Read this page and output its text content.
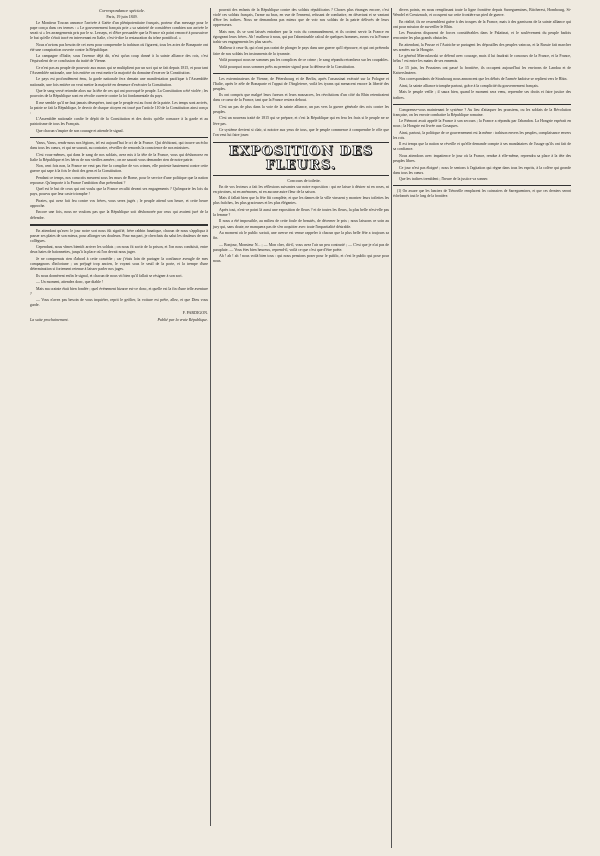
Correspondance spéciale.

Paris, 19 juin 1849.

Le Moniteur Toscan annonce l'arrivée à Gaëte d'un plénipotentiaire français, porteur d'un message pour le pape conçu dans ces termes : « Le gouvernement français prie « sa sainteté de considérer combien son arrivée le serait si « les arrangements pris par le sr. Lesseps, et d'être persuadée que la France n'a point renoncé à poursuivre le but qu'elle s'était tracé en intervenant en Italie, c'est-à-dire la restauration du trône pontifical. »

Nous n'avions pas besoin de cet aveu pour comprendre la trahison où figurent, tous les actes de Bonaparte ont été une conspiration ouverte contre la République.

La campagne d'Italie, sous l'avenue déjà dit, n'est qu'un coup donné à la sainte alliance des rois, c'est l'équivalent de ce conclusion du traité de Vienne.

Ce n'est pas au peuple de pourvoir aux maux qui se multiplient par un sort qui se fait depuis 1815, et pour tant l'Assemblée nationale, une fois entière on veut mettre la majorité du domaine d'exercer la Constitution.

Le pays est profondément ému, la garde nationale fera demain une manifestation pacifique à l'Assemblée nationale, une fois entière on veut mettre la majorité en demeure d'exécuter la Constitution.

Que le sang versé retombe alors sur la tête de ces qui ont provoqué le peuple. La Constitution a été violée ; les pouvoirs de la République sont en révolte ouverte contre la loi fondamentale du pays.

Il me semble qu'il ne faut jamais désespérer, tant que le peuple est au front de la patrie. Les temps sont arrivés, la patrie se fait la République, le devoir de chaque citoyen est tracé par l'article 110 de la Constitution ainsi conçu :

L'Assemblée nationale confie le dépôt de la Constitution et des droits qu'elle consacre à la garde et au patriotisme de tous les Français.

Que chacun s'inspire de son courage et attende le signal.

Varus, Varus, rends-nous nos légions, tel est aujourd'hui le cri de la France. Qui déchirant, qui trouve un écho dans tous les cœurs, et qui ne saurait, au contraire, réveiller de remords la conscience de nos ministres.

C'est vous-mêmes, qui dans le sang de nos soldats, avez mis à la tête de la France, vous qui déshonorez en Italie la République et les héros de nos vieilles armées ; on ne saurait vous demander rien de notre patrie.

Non, cent fois non, la France ne veut pas être la complice de vos crimes, elle proteste hautement contre cette guerre qui sape à la fois le droit des gens et la Constitution.

Pendant ce temps, nos conscrits meurent sous les murs de Rome, pour le service d'une politique que la nation repousse. Qu'importe à la France l'ambition d'un prétendant ?

Quel est le but de ceux qui ont voulu que la France reculât devant ses engagements ? Qu'importe les lois du pays, pourvu que leur caste triomphe !

Pirates, qui avez fait feu contre vos frères, vous serez jugés ; le peuple attend son heure, et cette heure approche.

Encore une fois, nous ne voulons pas que la République soit déshonorée par ceux qui avaient juré de la défendre.

En attendant qu'avec le jour notre sort nous fût signifié, frère rabbin fanatique, chacun de nous s'appliqua à passer ses plaies de son mieux, pour allonger ses douleurs. Pour ma part, je cherchais du salut les douleurs de mes collègues.

Cependant, nous vîmes bientôt arriver les soldats ; on nous fit sortir de la prison, et l'on nous conduisit, entre deux haies de baïonnettes, jusqu'à la place où l'on devait nous juger.

Je ne comprenais rien d'abord à cette comédie ; car j'étais loin de partager la confiance aveugle de mes compagnons d'infortune ; un préjugé trop ancien, le voyant sous le seuil de la porte, et la trempe d'une détermination si fortement retenue à laisser parler nos juges.

Ils nous donnèrent enfin le signal, et chacun de nous vit bien qu'il fallait se résigner à son sort.

— Un moment, attendez donc, que diable !

Mais ma crainte était bien fondée ; quel événement bizarre est-ce donc, et quelle est la fin d'une telle aventure ?

— Vous n'avez pas besoin de vous inquiéter, reprit le geôlier, la voiture est prête, allez, et que Dieu vous garde.

F. PARDIGON.

La suite prochainement.	Publié par la vraie République.

pouvait des enfants de la République contre des soldats républicains ? Choses plus étranges encore, c'est violé ces soldats français, l'arme au bras, en vue de l'ennemi, refusant de combattre, en désertant et se vantant d'être les traîtres. Nous ne demandons pas mieux que de voir nos soldats de la patrie délivrés de leurs oppresseurs.

Mais non, ils se sont laissés entraîner par la voix du commandement, et ils croient servir la France en égorgeant leurs frères. Ah ! malheur à nous, qui par l'abominable calcul de quelques hommes, avons vu la France trahir ses engagements les plus sacrés.

Malheur à ceux-là, qui n'ont pas craint de plonger le pays dans une guerre qu'il réprouve, et qui ont prétendu faire de nos soldats les instruments de la tyrannie.

Voilà pourquoi nous ne sommes pas les complices de ce crime ; le sang répandu retombera sur les coupables.

Voilà pourquoi nous sommes prêts au premier signal pour la défense de la Constitution.

Les exterminateurs de Vienne, de Pétersbourg et de Berlin, après l'assassinat exécuté sur la Pologne et l'Italie, après le zèle de Bonaparte et l'appui de l'Angleterre, voilà les tyrans qui menacent encore la liberté des peuples.

Ils ont compris que malgré leurs fureurs et leurs massacres, les révolutions d'un côté du Rhin retentiraient dans ce cœur de la France, tant que la France restera debout.

C'est un pas de plus dans la voie de la sainte alliance, un pas vers la guerre générale des rois contre les peuples.

C'est un nouveau traité de 1815 qui se prépare, et c'est la République qui en fera les frais si le peuple ne se lève pas.

Ce système devient si clair, si notoire aux yeux de tous, que le peuple commence à comprendre le rôle que l'on veut lui faire jouer.

EXPOSITION DES FLEURS.

Concours de toilette.

En de vos lecteurs a fait les réflexions suivantes sur notre exposition : qui ne laisse à désirer ni en roses, ni en pivoines, ni en anémones, ni en aucune autre fleur de la saison.

Mais il fallait bien que la fête fût complète, et que les dames de la ville vinssent y montrer leurs toilettes les plus fraîches, les plus gracieuses et les plus élégantes.

Après tout, n'est-ce point là aussi une exposition de fleurs ? et de toutes les fleurs, la plus belle n'est-elle pas la femme ?

Il nous a été impossible, au milieu de cette foule de beautés, de décerner le prix ; nous laissons ce soin au jury qui, sans doute, ne manquera pas de s'en acquitter avec toute l'impartialité désirable.

Au moment où le public sortait, une averse est venue rappeler à chacun que la plus belle fête a toujours sa fin.

— Bonjour, Monsieur N... ; — Mon cher, dit-il, vous avez l'air un peu contrarié ; — C'est que je n'ai pas de parapluie. — Vous êtes bien heureux, reprend-il, voilà ce que c'est que d'être poète.

Ah ! ah ! ah ! nous voilà bien tous : qui nous pensions poser pour le public, et c'est le public qui pose pour nous.

divers points, en nous remplissant toute la ligne frontière depuis Sarreguemines, Bitcherest, Hombourg, St-Wendel et Creutznach, et occupent sur cette frontière un pied de guerre.

En réalité, ils ne ressemblent guère à des troupes de la France, mais à des garnisons de la sainte alliance qui ont pour mission de surveiller le Rhin.

Les Prussiens disposent de forces considérables dans le Palatinat, et le soulèvement du peuple badois rencontre les plus grands obstacles.

En attendant, la Prusse et l'Autriche se partagent les dépouilles des peuples vaincus, et la Russie fait marcher ses armées sur la Hongrie.

Le général Mieroslawski se défend avec courage, mais il lui faudrait le concours de la France, et la France, hélas ! est entre les mains de ses ennemis.

Le 15 juin, les Prussiens ont passé la frontière, ils occupent aujourd'hui les environs de Landau et de Kaiserslautern.

Nos correspondants de Strasbourg nous annoncent que les débris de l'armée badoise se replient vers le Rhin.

Ainsi, la sainte alliance triomphe partout, grâce à la complicité du gouvernement français.

Mais le peuple veille ; il saura bien, quand le moment sera venu, reprendre ses droits et faire justice des traîtres.

Comprenez-vous maintenant le système ? Au lieu d'attaquer les prussiens, ou les soldats de la Révolution française, on les envoie combattre la République romaine.

Le Piémont avait appelé la France à son secours ; la France a répondu par l'abandon. La Hongrie espérait en nous ; la Hongrie est livrée aux Cosaques.

Ainsi, partout, la politique de ce gouvernement est la même : trahison envers les peuples, complaisance envers les rois.

Il est temps que la nation se réveille et qu'elle demande compte à ses mandataires de l'usage qu'ils ont fait de sa confiance.

Nous attendons avec impatience le jour où la France, rendue à elle-même, reprendra sa place à la tête des peuples libres.

Ce jour n'est pas éloigné ; nous le sentons à l'agitation qui règne dans tous les esprits, à la colère qui gronde dans tous les cœurs.

Que les traîtres tremblent ; l'heure de la justice va sonner.

(1) On assure que les lanciers de Tiénoville remplacent les cuirassiers de Sarreguemines, et que ces derniers seront échelonnés tout le long de la frontière.
